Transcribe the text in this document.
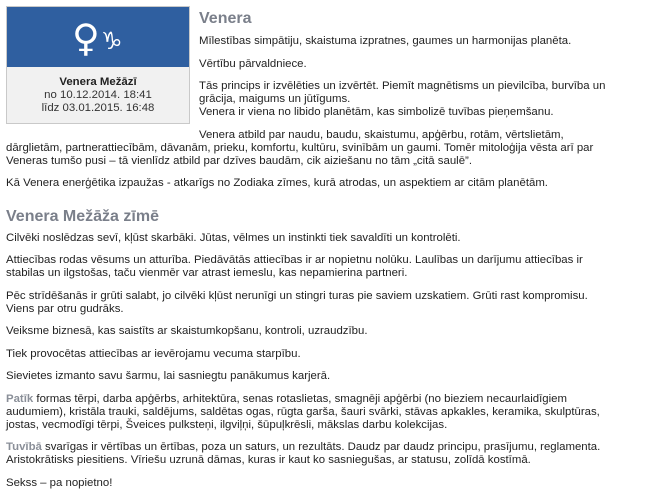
♀ ♑
Venera Mežāzī
no 10.12.2014. 18:41
līdz 03.01.2015. 16:48
Venera

Mīlestības simpātiju, skaistuma izpratnes, gaumes un harmonijas planēta.

Vērtību pārvaldniece.

Tās princips ir izvēlēties un izvērtēt. Piemīt magnētisms un pievilcība, burvība un grācija, maigums un jūtīgums.

Venera ir viena no libido planētām, kas simbolizē tuvības pieņemšanu.

Venera atbild par naudu, baudu, skaistumu, apģērbu, rotām, vērtslietām, dārglietām, partnerattiecībām, dāvanām, prieku, komfortu, kultūru, svinībām un gaumi. Tomēr mitoloģija vēsta arī par Veneras tumšo pusi – tā vienlīdz atbild par dzīves baudām, cik aiziešanu no tām „citā saulē”.

Kā Venera enerģētika izpaužas - atkarīgs no Zodiaka zīmes, kurā atrodas, un aspektiem ar citām planētām.

Venera Mežāža zīmē

Cilvēki noslēdzas sevī, kļūst skarbāki. Jūtas, vēlmes un instinkti tiek savaldīti un kontrolēti.

Attiecības rodas vēsums un atturība. Piedāvātās attiecības ir ar nopietnu nolūku. Laulības un darījumu attiecības ir stabilas un ilgstošas, taču vienmēr var atrast iemeslu, kas nepamierina partneri.

Pēc strīdēšanās ir grūti salabt, jo cilvēki kļūst nerunīgi un stingri turas pie saviem uzskatiem. Grūti rast kompromisu. Viens par otru gudrāks.

Veiksme biznesā, kas saistīts ar skaistumkopšanu, kontroli, uzraudzību.

Tiek provocētas attiecības ar ievērojamu vecuma starpību.

Sievietes izmanto savu šarmu, lai sasniegtu panākumus karjerā.

Patīk formas tērpi, darba apģērbs, arhitektūra, senas rotaslietas, smagnēji apģērbi (no bieziem necaurlaidīgiem audumiem), kristāla trauki, saldējums, saldētas ogas, rūgta garša, šauri svārki, stāvas apkakles, keramika, skulptūras, jostas, vecmodīgi tērpi, Šveices pulksteņi, ilgviļņi, šūpuļkrēsli, mākslas darbu kolekcijas.

Tuvībā svarīgas ir vērtības un ērtības, poza un saturs, un rezultāts. Daudz par daudz principu, prasījumu, reglamenta. Aristokrātisks piesitiens. Vīriešu uzrunā dāmas, kuras ir kaut ko sasniegušas, ar statusu, zolīdā kostīmā.

Sekss – pa nopietno!
